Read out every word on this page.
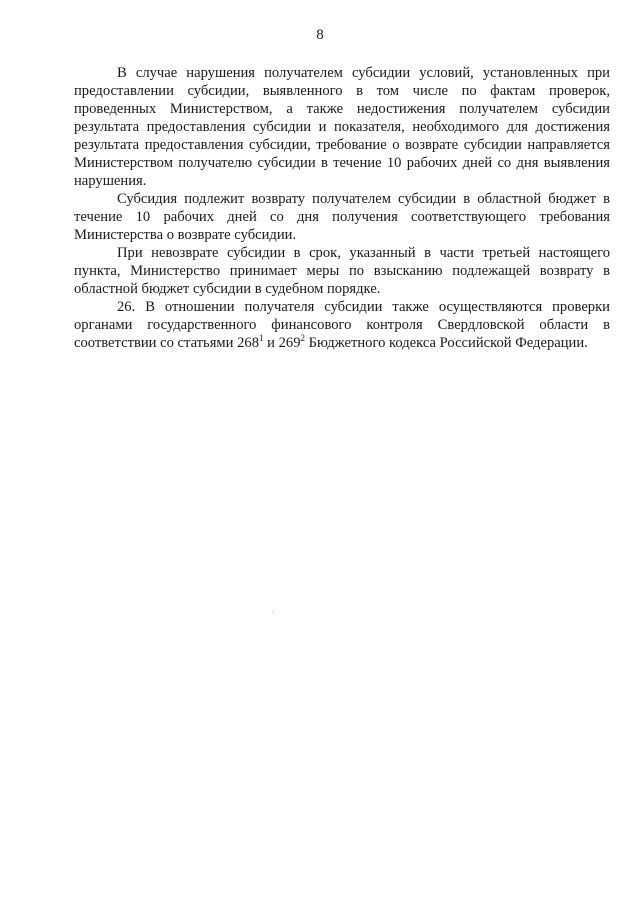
8

В случае нарушения получателем субсидии условий, установленных при предоставлении субсидии, выявленного в том числе по фактам проверок, проведенных Министерством, а также недостижения получателем субсидии результата предоставления субсидии и показателя, необходимого для достижения результата предоставления субсидии, требование о возврате субсидии направляется Министерством получателю субсидии в течение 10 рабочих дней со дня выявления нарушения.

Субсидия подлежит возврату получателем субсидии в областной бюджет в течение 10 рабочих дней со дня получения соответствующего требования Министерства о возврате субсидии.

При невозврате субсидии в срок, указанный в части третьей настоящего пункта, Министерство принимает меры по взысканию подлежащей возврату в областной бюджет субсидии в судебном порядке.

26. В отношении получателя субсидии также осуществляются проверки органами государственного финансового контроля Свердловской области в соответствии со статьями $268^1$ и $269^2$ Бюджетного кодекса Российской Федерации.
